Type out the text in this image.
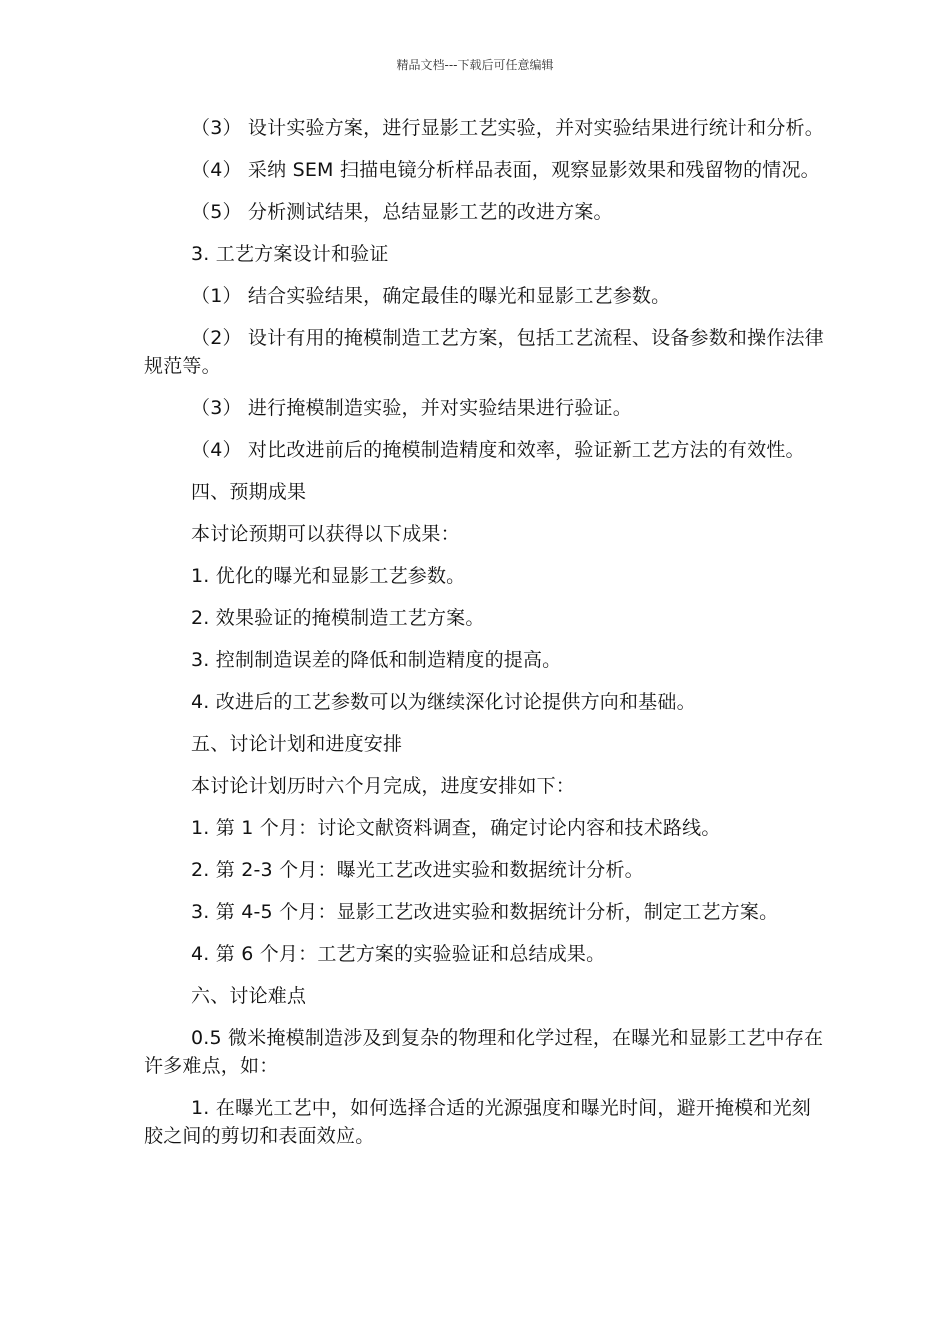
精品文档---下载后可任意编辑

（3） 设计实验方案，进行显影工艺实验，并对实验结果进行统计和分析。

（4） 采纳 SEM 扫描电镜分析样品表面，观察显影效果和残留物的情况。

（5） 分析测试结果，总结显影工艺的改进方案。

3. 工艺方案设计和验证

（1） 结合实验结果，确定最佳的曝光和显影工艺参数。

（2） 设计有用的掩模制造工艺方案，包括工艺流程、设备参数和操作法律规范等。

（3） 进行掩模制造实验，并对实验结果进行验证。

（4） 对比改进前后的掩模制造精度和效率，验证新工艺方法的有效性。

四、预期成果

本讨论预期可以获得以下成果：

1. 优化的曝光和显影工艺参数。

2. 效果验证的掩模制造工艺方案。

3. 控制制造误差的降低和制造精度的提高。

4. 改进后的工艺参数可以为继续深化讨论提供方向和基础。

五、讨论计划和进度安排

本讨论计划历时六个月完成，进度安排如下：

1. 第 1 个月：讨论文献资料调查，确定讨论内容和技术路线。

2. 第 2-3 个月：曝光工艺改进实验和数据统计分析。

3. 第 4-5 个月：显影工艺改进实验和数据统计分析，制定工艺方案。

4. 第 6 个月：工艺方案的实验验证和总结成果。

六、讨论难点

0.5 微米掩模制造涉及到复杂的物理和化学过程，在曝光和显影工艺中存在许多难点，如：

1. 在曝光工艺中，如何选择合适的光源强度和曝光时间，避开掩模和光刻胶之间的剪切和表面效应。
